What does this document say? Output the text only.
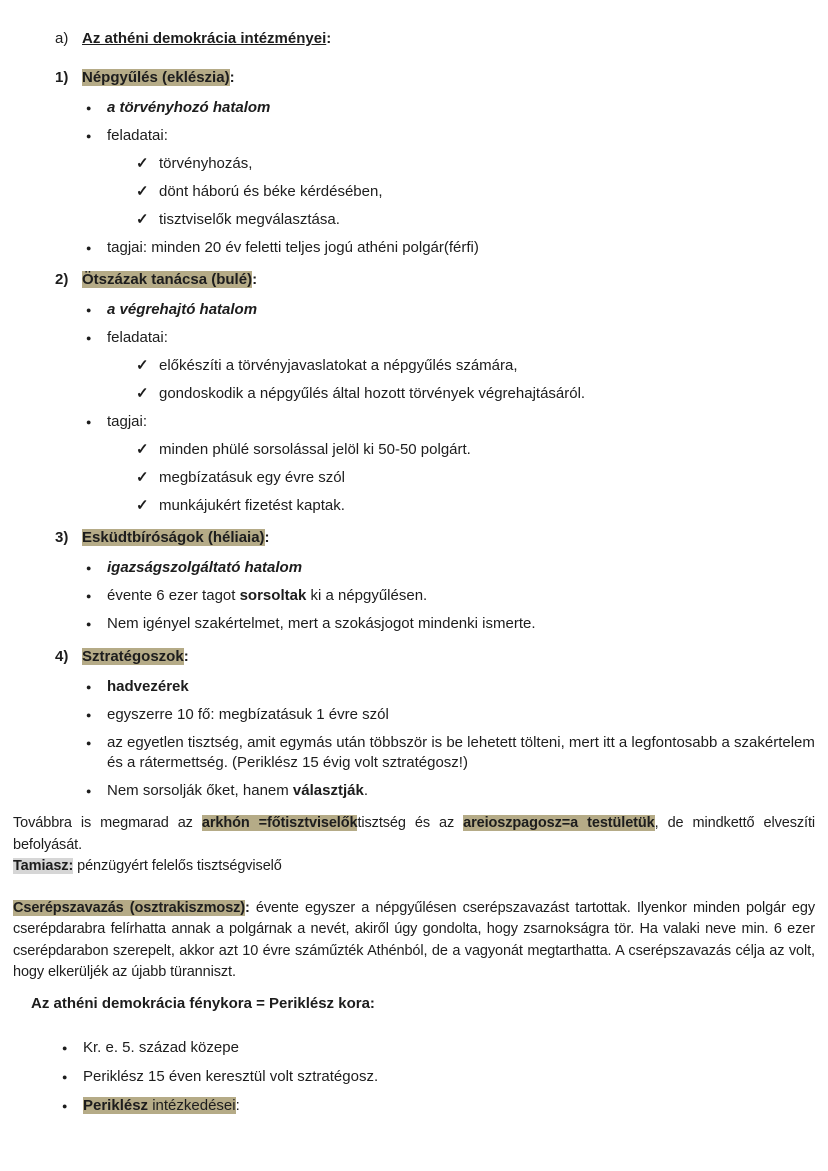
a) Az athéni demokrácia intézményei:
1) Népgyűlés (eklészia):
●	a törvényhozó hatalom
●	feladatai:
✓ törvényhozás,
✓ dönt háború és béke kérdésében,
✓ tisztviselők megválasztása.
●	tagjai: minden 20 év feletti teljes jogú athéni polgár(férfi)
2) Ötszázak tanácsa (bulé):
●	a végrehajtó hatalom
●	feladatai:
✓ előkészíti a törvényjavaslatokat a népgyűlés számára,
✓ gondoskodik a népgyűlés által hozott törvények végrehajtásáról.
●	tagjai:
✓ minden phülé sorsolással jelöl ki 50-50 polgárt.
✓ megbízatásuk egy évre szól
✓ munkájukért fizetést kaptak.
3) Esküdtbíróságok (héliaia):
●	igazságszolgáltató hatalom
●	évente 6 ezer tagot sorsoltak ki a népgyűlésen.
●	Nem igényel szakértelmet, mert a szokásjogot mindenki ismerte.
4) Sztratégoszok:
●	hadvezérek
●	egyszerre 10 fő: megbízatásuk 1 évre szól
●	az egyetlen tisztség, amit egymás után többször is be lehetett tölteni, mert itt a legfontosabb a szakértelem és a rátermettség. (Periklész 15 évig volt sztratégosz!)
●	Nem sorsolják őket, hanem választják.

Továbbra is megmarad az arkhón =főtisztviselőktisztség és az areioszpagosz=a testületük, de mindkettő elveszíti befolyását.
Tamiasz: pénzügyért felelős tisztségviselő

Cserépszavazás (osztrakiszmosz): évente egyszer a népgyűlésen cserépszavazást tartottak. Ilyenkor minden polgár egy cserépdarabra felírhatta annak a polgárnak a nevét, akiről úgy gondolta, hogy zsarnokságra tör. Ha valaki neve min. 6 ezer cserépdarabon szerepelt, akkor azt 10 évre száműzték Athénból, de a vagyonát megtarthatta. A cserépszavazás célja az volt, hogy elkerüljék az újabb türanniszt.

Az athéni demokrácia fénykora = Periklész kora:

●	Kr. e. 5. század közepe
●	Periklész 15 éven keresztül volt sztratégosz.
●	Periklész intézkedései:
